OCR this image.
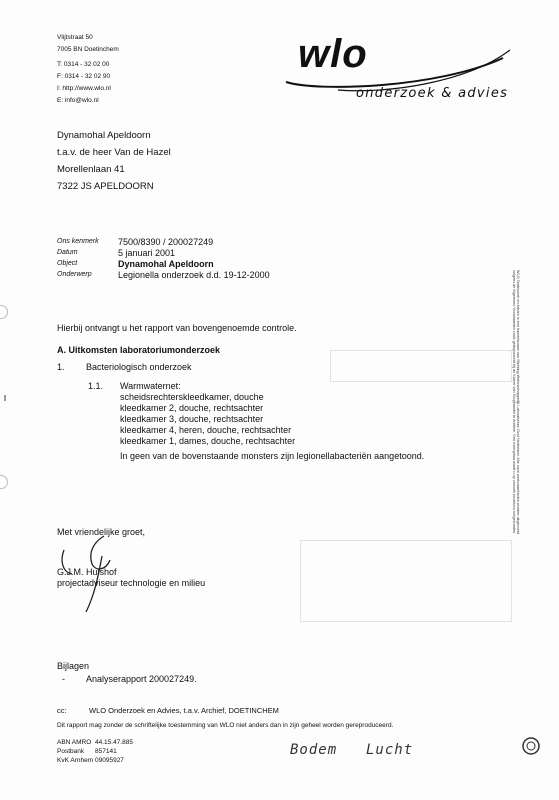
Vlijtstraat 50
7005 BN Doetinchem
T: 0314 - 32 02 00
F: 0314 - 32 02 90
I: http://www.wlo.nl
E: info@wlo.nl
wlo
onderzoek & advies
Dynamohal Apeldoorn
t.a.v. de heer Van de Hazel
Morellenlaan 41
7322 JS APELDOORN
Ons kenmerk	7500/8390 / 200027249
Datum	5 januari 2001
Object	Dynamohal Apeldoorn
Onderwerp	Legionella onderzoek d.d. 19-12-2000
Hierbij ontvangt u het rapport van bovengenoemde controle.
A. Uitkomsten laboratoriumonderzoek
1. Bacteriologisch onderzoek
1.1. Warmwaternet:
scheidsrechterskleedkamer, douche
kleedkamer 2, douche, rechtsachter
kleedkamer 3, douche, rechtsachter
kleedkamer 4, heren, douche, rechtsachter
kleedkamer 1, dames, douche, rechtsachter
In geen van de bovenstaande monsters zijn legionellabacteriën aangetoond.
Met vriendelijke groet,
G.J.M. Hulshof
projectadviseur technologie en milieu
Bijlagen
- Analyserapport 200027249.
cc:	WLO Onderzoek en Advies, t.a.v. Archief, DOETINCHEM
Dit rapport mag zonder de schriftelijke toestemming van WLO niet anders dan in zijn geheel worden gereproduceerd.
ABN AMRO 44.15.47.885
Postbank	857141
KvK Arnhem 09095927
Bodem Lucht
WLO Onderzoek en Advies is een handelsnaam van Stichting Wetenschappelijk Laboratorium Oost Nederland. Alle onze werkzaamheden worden uitgevoerd
volgens de Algemene Voorwaarden zoals gedeponeerd bij de Kamer van Koophandel te Arnhem. Een exemplaar wordt u op verzoek kosteloos toegezonden.
